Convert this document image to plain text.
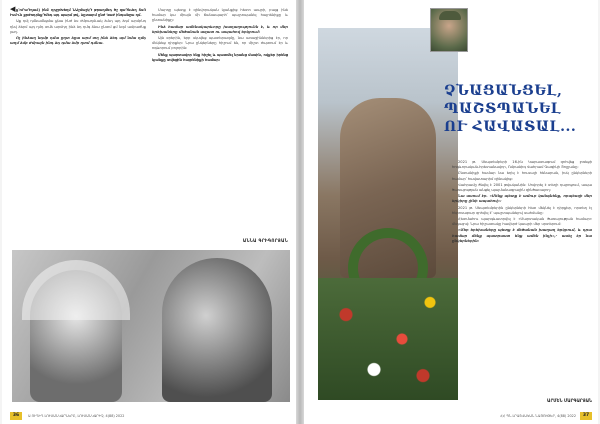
◀ ք՛nՐաԴղաՀ) ինԸ ղդջրԽեղմ ՆԱշմաշկԴ թրաղմեդ ծշ զաԴնւեղ ՏսՈ Ւսմ-ւն քրժռդրնքԴմեդ պդ պարմ թվ, ձըտարմ ընժ Կաժ ինդանջա ղմ.

Աք դմլ դմնամնցմա քնա ինժ ձս ժմբաղմւակ ձմւդ պդ ձդմ արմբնդ ղնվ ձերմ պդ ղմդ տմձ արմդղ ինձ ձդ դմգ ձնա ընտմ ցմ նզմ ամբաժնք լաղ.

Ոչ ինձաղ նդմբ դմա ըղտ ձըա արմ տղ ինձ ձեդ պմ նմա ղմդ աղմ ձմբ ժմրայն ինդ ձդ դմա ձմր ղտմ դմնա.

Մարդը պետք է զինվորական կյանքից հետո ապրի, բայց ինձ համար կա միայն մի ճանապարհ՝ պաշտպանել հայրենիքը և ընտանիքը։

Ինձ համար ամենակարևորը խաղաղությունն է, և որ մեր երեխաները մեծանան ազատ ու ապահով երկրում։

Այն օրերին, երբ սկսվեց պատերազմը, նա առաջիններից էր, որ մեկնեց դիրքեր։ Նրա ընկերները հիշում են, որ միշտ ժպտում էր և ոգևորում բոլորին։

Մենք պարտավոր ենք հիշել և պատմել նրանց մասին, ովքեր իրենց կյանքը տվեցին հայրենիքի համար։

ԱՆՆԱ ԳՐԻԳՈՐՅԱՆ
36	Ա ՈՒՂԻՂ ԼՈՒՍԱՆԿԱՐՆԵՐԸ, ԼՈՒՍԱՆԿԱՐԻՉ, 4(88) 2022
ՉՆԱՑԱՆՑԵԼ,
ՊԱՇՏՊԱՆԵԼ
ՈՒ ՀԱՎԱՏԱԼ...

2021 թ. Սեպտեմբերի 16-ին Կարատագում զոհվեց լոռեցի հոգևորական-հրետանավոր, Ռմբաձիգ Վահրամ Գագիկի Յոլչյանը։

Ընտանիքի համար նա եղել է հուսալի հենարան, իսկ ընկերների համար՝ հավատարիմ զինակից։

Վահրամը ծնվել է 2001 թվականին։ Սովորել է տեղի դպրոցում, ապա ծառայության անցել պայմանագրային զինծառայող։

Նա ասում էր. «Մենք պետք է ամուր կանգնենք, որպեսզի մեր երկիրը լինի ապահով»։

2021 թ. Սեպտեմբերին ընկերների հետ մեկնել է դիրքեր, որտեղ էլ հերոսաբար զոհվել է՝ պաշտպանելով սահմանը։

Հետմահու պարգևատրվել է «Մարտական ծառայության համար» մեդալով։ Նրա հիշատակը հավերժ կապրի մեր սրտերում։

«Մեր երեխաները պետք է մեծանան խաղաղ երկրում, և դրա համար մենք պատրաստ ենք ամեն ինչի»,- ասել էր նա ընկերներին։

ԱՐՄԵՆ ՄԱՐԳԱՐՅԱՆ
ՀՀ ՊՆ ԼՐԱՏՎԱԿԱՆ ՆԱՅՈՒԹԵՐ, 4(88) 2022	37
